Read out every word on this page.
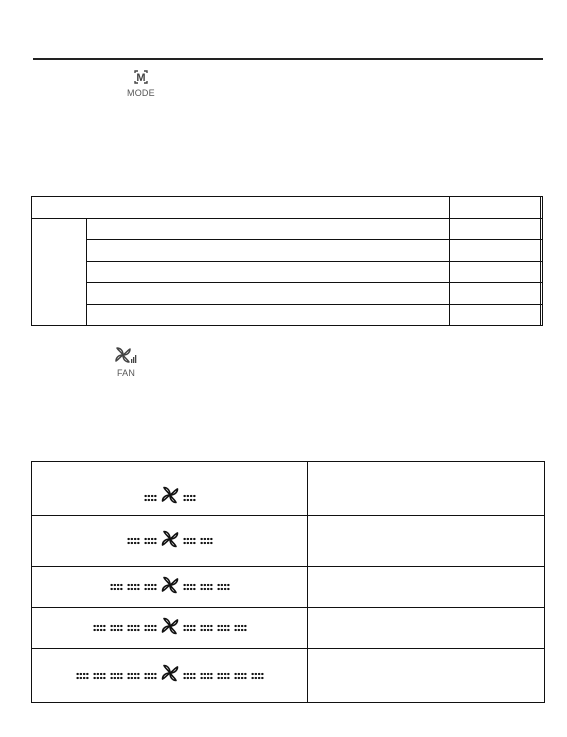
M
MODE

FAN
